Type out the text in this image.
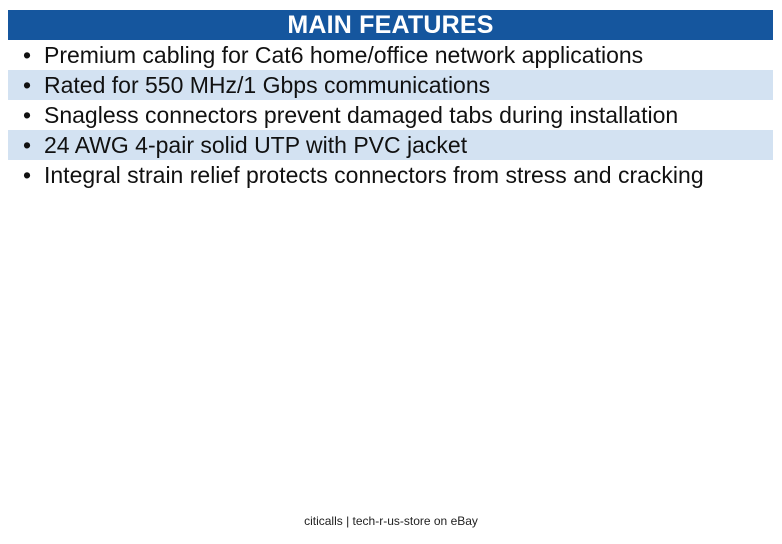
MAIN FEATURES
• Premium cabling for Cat6 home/office network applications
• Rated for 550 MHz/1 Gbps communications
• Snagless connectors prevent damaged tabs during installation
• 24 AWG 4-pair solid UTP with PVC jacket
• Integral strain relief protects connectors from stress and cracking
citicalls | tech-r-us-store on eBay
